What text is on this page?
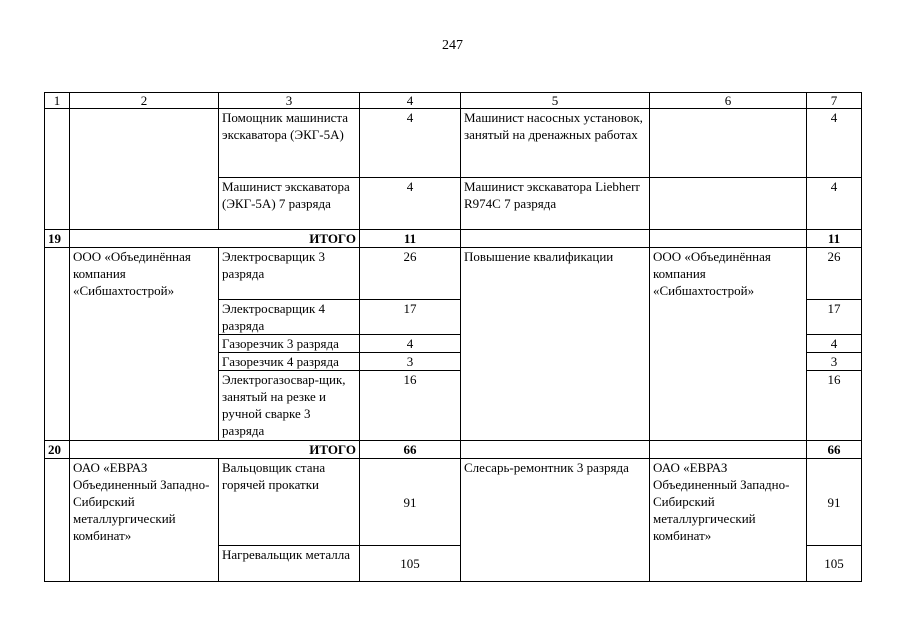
247
1	2	3	4	5	6	7
		Помощник машиниста экскаватора (ЭКГ-5А)	4	Машинист насосных установок, занятый на дренажных работах		4
		Машинист экскаватора (ЭКГ-5А) 7 разряда	4	Машинист экскаватора Liebherr R974C 7 разряда		4
19	ИТОГО		11			11
	ООО «Объединённая компания «Сибшахтострой»	Электросварщик 3 разряда	26	Повышение квалификации	ООО «Объединённая компания «Сибшахтострой»	26
		Электросварщик 4 разряда	17			17
		Газорезчик 3 разряда	4			4
		Газорезчик 4 разряда	3			3
		Электрогазосвар-щик, занятый на резке и ручной сварке 3 разряда	16			16
20	ИТОГО		66			66
	ОАО «ЕВРАЗ Объединенный Западно-Сибирский металлургический комбинат»	Вальцовщик стана горячей прокатки	91	Слесарь-ремонтник 3 разряда	ОАО «ЕВРАЗ Объединенный Западно-Сибирский металлургический комбинат»	91
		Нагревальщик металла	105			105
